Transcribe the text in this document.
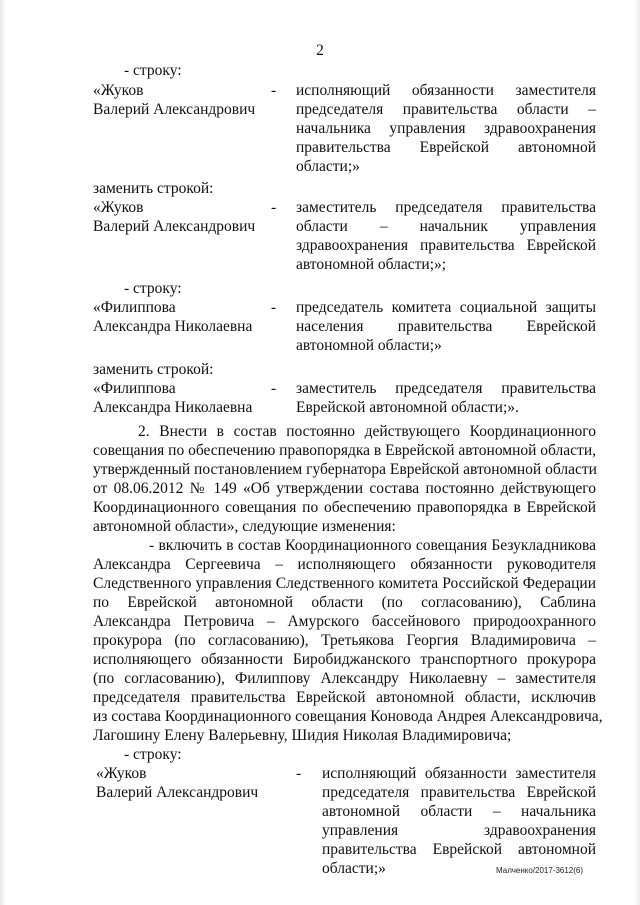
2
- строку:
«Жуков
Валерий Александрович
- исполняющий обязанности заместителя
председателя правительства области –
начальника управления здравоохранения
правительства Еврейской автономной
области;»
заменить строкой:
«Жуков
Валерий Александрович
- заместитель председателя правительства
области – начальник управления
здравоохранения правительства Еврейской
автономной области;»;
- строку:
«Филиппова
Александра Николаевна
- председатель комитета социальной защиты
населения правительства Еврейской
автономной области;»
заменить строкой:
«Филиппова
Александра Николаевна
- заместитель председателя правительства
Еврейской автономной области;».
2. Внести в состав постоянно действующего Координационного
совещания по обеспечению правопорядка в Еврейской автономной области,
утвержденный постановлением губернатора Еврейской автономной области
от 08.06.2012 № 149 «Об утверждении состава постоянно действующего
Координационного совещания по обеспечению правопорядка в Еврейской
автономной области», следующие изменения:
- включить в состав Координационного совещания Безукладникова
Александра Сергеевича – исполняющего обязанности руководителя
Следственного управления Следственного комитета Российской Федерации
по Еврейской автономной области (по согласованию), Саблина
Александра Петровича – Амурского бассейнового природоохранного
прокурора (по согласованию), Третьякова Георгия Владимировича –
исполняющего обязанности Биробиджанского транспортного прокурора
(по согласованию), Филиппову Александру Николаевну – заместителя
председателя правительства Еврейской автономной области, исключив
из состава Координационного совещания Коновода Андрея Александровича,
Лагошину Елену Валерьевну, Шидия Николая Владимировича;
- строку:
«Жуков
Валерий Александрович
- исполняющий обязанности заместителя
председателя правительства Еврейской
автономной области – начальника
управления здравоохранения
правительства Еврейской автономной
области;»	Малченко/2017-3612(6)
